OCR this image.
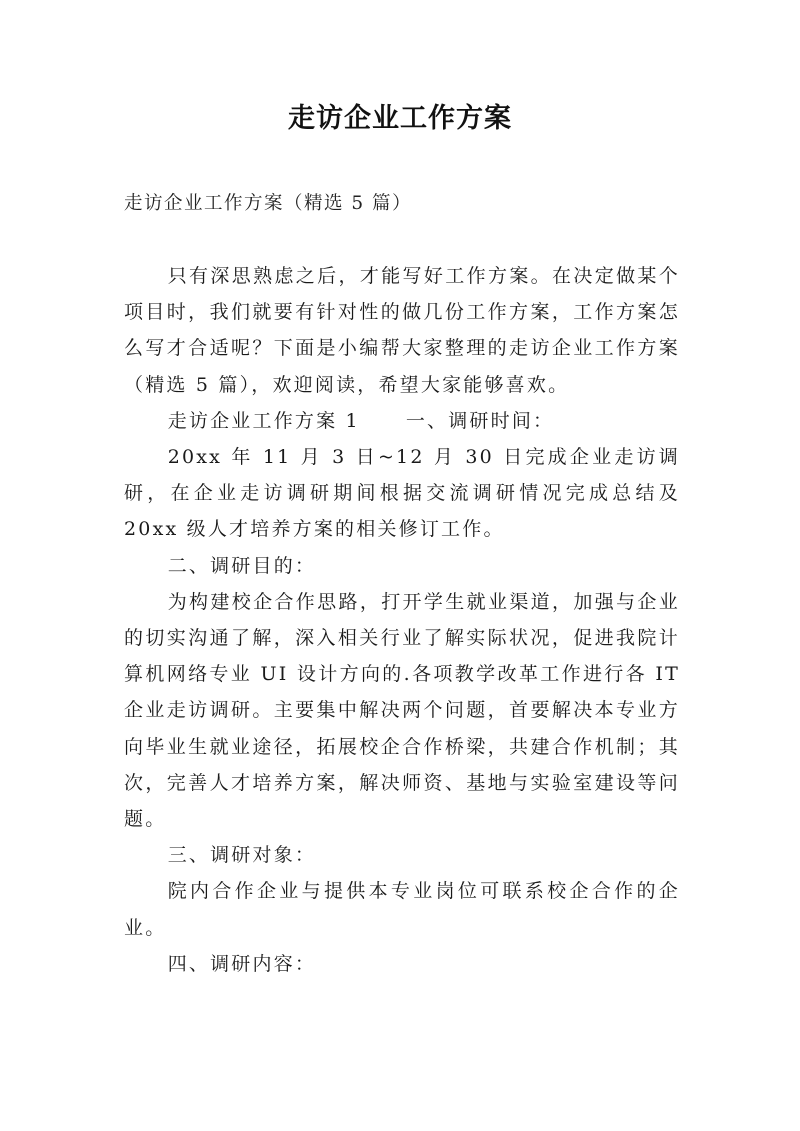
走访企业工作方案
走访企业工作方案（精选 5 篇）

只有深思熟虑之后，才能写好工作方案。在决定做某个项目时，我们就要有针对性的做几份工作方案，工作方案怎么写才合适呢？下面是小编帮大家整理的走访企业工作方案（精选 5 篇），欢迎阅读，希望大家能够喜欢。

走访企业工作方案 1 一、调研时间：

20xx 年 11 月 3 日~12 月 30 日完成企业走访调研，在企业走访调研期间根据交流调研情况完成总结及 20xx 级人才培养方案的相关修订工作。

二、调研目的：

为构建校企合作思路，打开学生就业渠道，加强与企业的切实沟通了解，深入相关行业了解实际状况，促进我院计算机网络专业 UI 设计方向的.各项教学改革工作进行各 IT 企业走访调研。主要集中解决两个问题，首要解决本专业方向毕业生就业途径，拓展校企合作桥梁，共建合作机制；其次，完善人才培养方案，解决师资、基地与实验室建设等问题。

三、调研对象：

院内合作企业与提供本专业岗位可联系校企合作的企业。

四、调研内容：
